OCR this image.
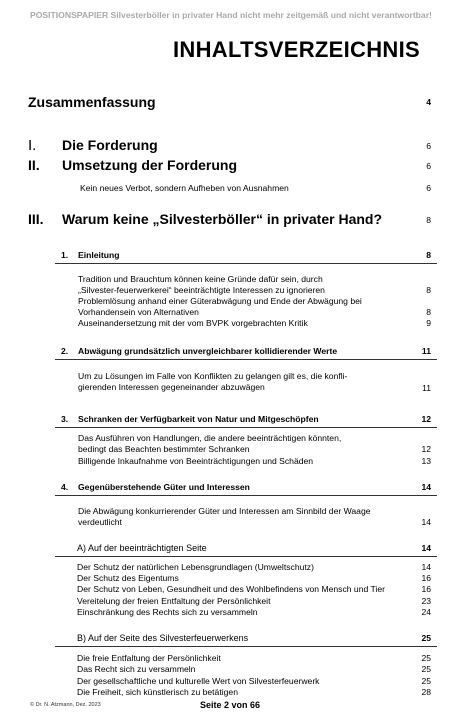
POSITIONSPAPIER Silvesterböller in privater Hand nicht mehr zeitgemäß und nicht verantwortbar!
INHALTSVERZEICHNIS
Zusammenfassung	4
I. Die Forderung	6
II. Umsetzung der Forderung	6
Kein neues Verbot, sondern Aufheben von Ausnahmen	6
III. Warum keine „Silvesterböller“ in privater Hand?	8
1. Einleitung	8
Tradition und Brauchtum können keine Gründe dafür sein, durch
„Silvester-feuerwerkerei“ beeinträchtigte Interessen zu ignorieren	8
Problemlösung anhand einer Güterabwägung und Ende der Abwägung bei
Vorhandensein von Alternativen	8
Auseinandersetzung mit der vom BVPK vorgebrachten Kritik	9
2. Abwägung grundsätzlich unvergleichbarer kollidierender Werte	11
Um zu Lösungen im Falle von Konflikten zu gelangen gilt es, die konfli-
gierenden Interessen gegeneinander abzuwägen	11
3. Schranken der Verfügbarkeit von Natur und Mitgeschöpfen	12
Das Ausführen von Handlungen, die andere beeinträchtigen könnten,
bedingt das Beachten bestimmter Schranken	12
Billigende Inkaufnahme von Beeinträchtigungen und Schäden	13
4. Gegenüberstehende Güter und Interessen	14
Die Abwägung konkurrierender Güter und Interessen am Sinnbild der Waage
verdeutlicht	14
A) Auf der beeinträchtigten Seite	14
Der Schutz der natürlichen Lebensgrundlagen (Umweltschutz)	14
Der Schutz des Eigentums	16
Der Schutz von Leben, Gesundheit und des Wohlbefindens von Mensch und Tier	16
Vereitelung der freien Entfaltung der Persönlichkeit	23
Einschränkung des Rechts sich zu versammeln	24
B) Auf der Seite des Silvesterfeuerwerkens	25
Die freie Entfaltung der Persönlichkeit	25
Das Recht sich zu versammeln	25
Der gesellschaftliche und kulturelle Wert von Silvesterfeuerwerk	25
Die Freiheit, sich künstlerisch zu betätigen	28
© Dr. N. Atzmann, Dez. 2023	Seite 2 von 66
